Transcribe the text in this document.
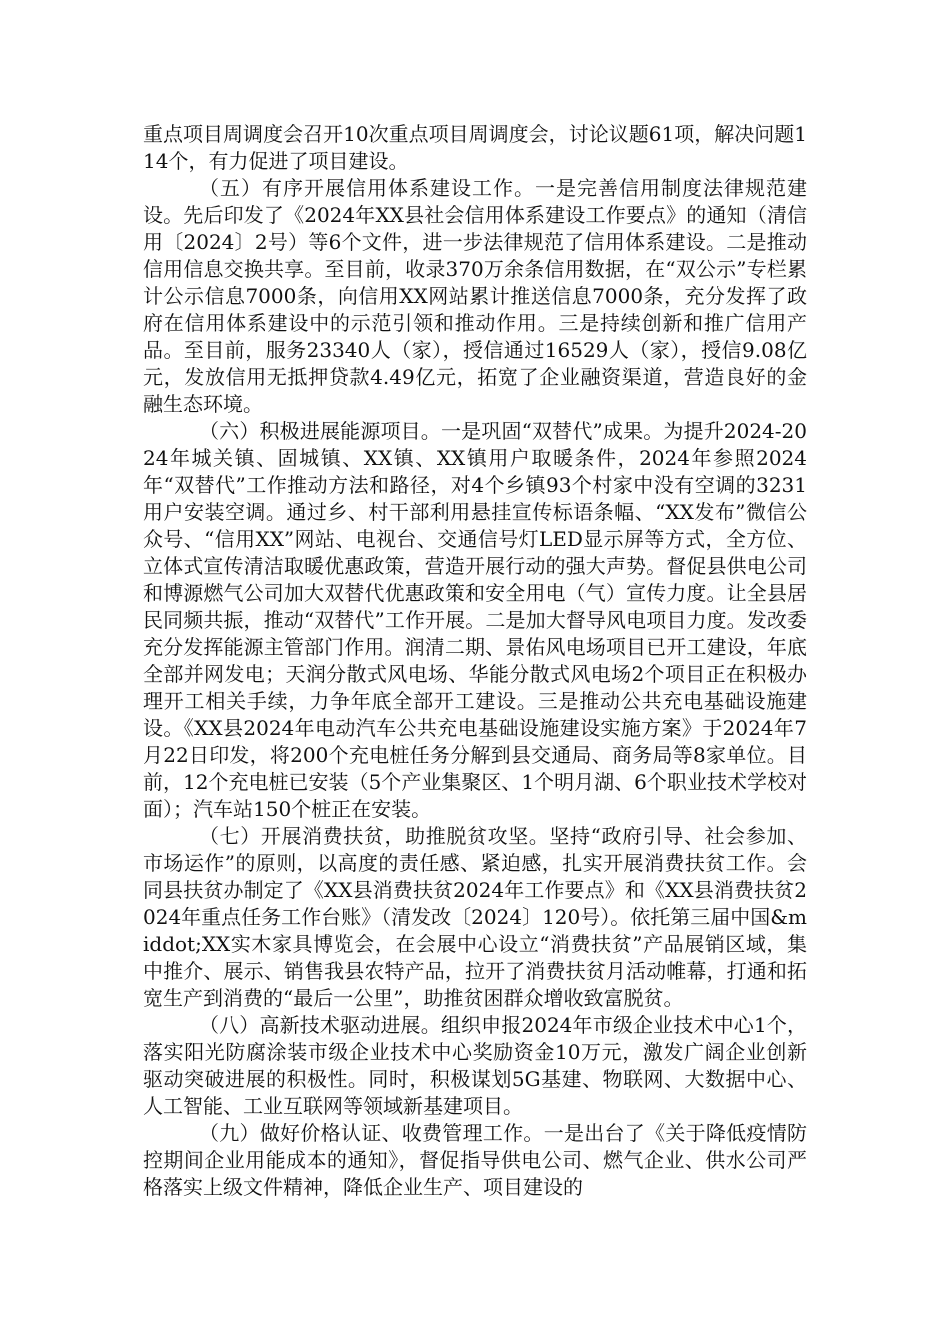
重点项目周调度会召开10次重点项目周调度会，讨论议题61项，解决问题114个，有力促进了项目建设。

（五）有序开展信用体系建设工作。一是完善信用制度法律规范建设。先后印发了《2024年XX县社会信用体系建设工作要点》的通知（清信用〔2024〕2号）等6个文件，进一步法律规范了信用体系建设。二是推动信用信息交换共享。至目前，收录370万余条信用数据，在“双公示”专栏累计公示信息7000条，向信用XX网站累计推送信息7000条，充分发挥了政府在信用体系建设中的示范引领和推动作用。三是持续创新和推广信用产品。至目前，服务23340人（家），授信通过16529人（家），授信9.08亿元，发放信用无抵押贷款4.49亿元，拓宽了企业融资渠道，营造良好的金融生态环境。

（六）积极进展能源项目。一是巩固“双替代”成果。为提升2024-2024年城关镇、固城镇、XX镇、XX镇用户取暖条件，2024年参照2024年“双替代”工作推动方法和路径，对4个乡镇93个村家中没有空调的3231用户安装空调。通过乡、村干部利用悬挂宣传标语条幅、“XX发布”微信公众号、“信用XX”网站、电视台、交通信号灯LED显示屏等方式，全方位、立体式宣传清洁取暖优惠政策，营造开展行动的强大声势。督促县供电公司和博源燃气公司加大双替代优惠政策和安全用电（气）宣传力度。让全县居民同频共振，推动“双替代”工作开展。二是加大督导风电项目力度。发改委充分发挥能源主管部门作用。润清二期、景佑风电场项目已开工建设，年底全部并网发电；天润分散式风电场、华能分散式风电场2个项目正在积极办理开工相关手续，力争年底全部开工建设。三是推动公共充电基础设施建设。《XX县2024年电动汽车公共充电基础设施建设实施方案》于2024年7月22日印发，将200个充电桩任务分解到县交通局、商务局等8家单位。目前，12个充电桩已安装（5个产业集聚区、1个明月湖、6个职业技术学校对面）；汽车站150个桩正在安装。

（七）开展消费扶贫，助推脱贫攻坚。坚持“政府引导、社会参加、市场运作”的原则，以高度的责任感、紧迫感，扎实开展消费扶贫工作。会同县扶贫办制定了《XX县消费扶贫2024年工作要点》和《XX县消费扶贫2024年重点任务工作台账》（清发改〔2024〕120号）。依托第三届中国&middot;XX实木家具博览会，在会展中心设立“消费扶贫”产品展销区域，集中推介、展示、销售我县农特产品，拉开了消费扶贫月活动帷幕，打通和拓宽生产到消费的“最后一公里”，助推贫困群众增收致富脱贫。

（八）高新技术驱动进展。组织申报2024年市级企业技术中心1个，落实阳光防腐涂装市级企业技术中心奖励资金10万元，激发广阔企业创新驱动突破进展的积极性。同时，积极谋划5G基建、物联网、大数据中心、人工智能、工业互联网等领域新基建项目。

（九）做好价格认证、收费管理工作。一是出台了《关于降低疫情防控期间企业用能成本的通知》，督促指导供电公司、燃气企业、供水公司严格落实上级文件精神，降低企业生产、项目建设的
